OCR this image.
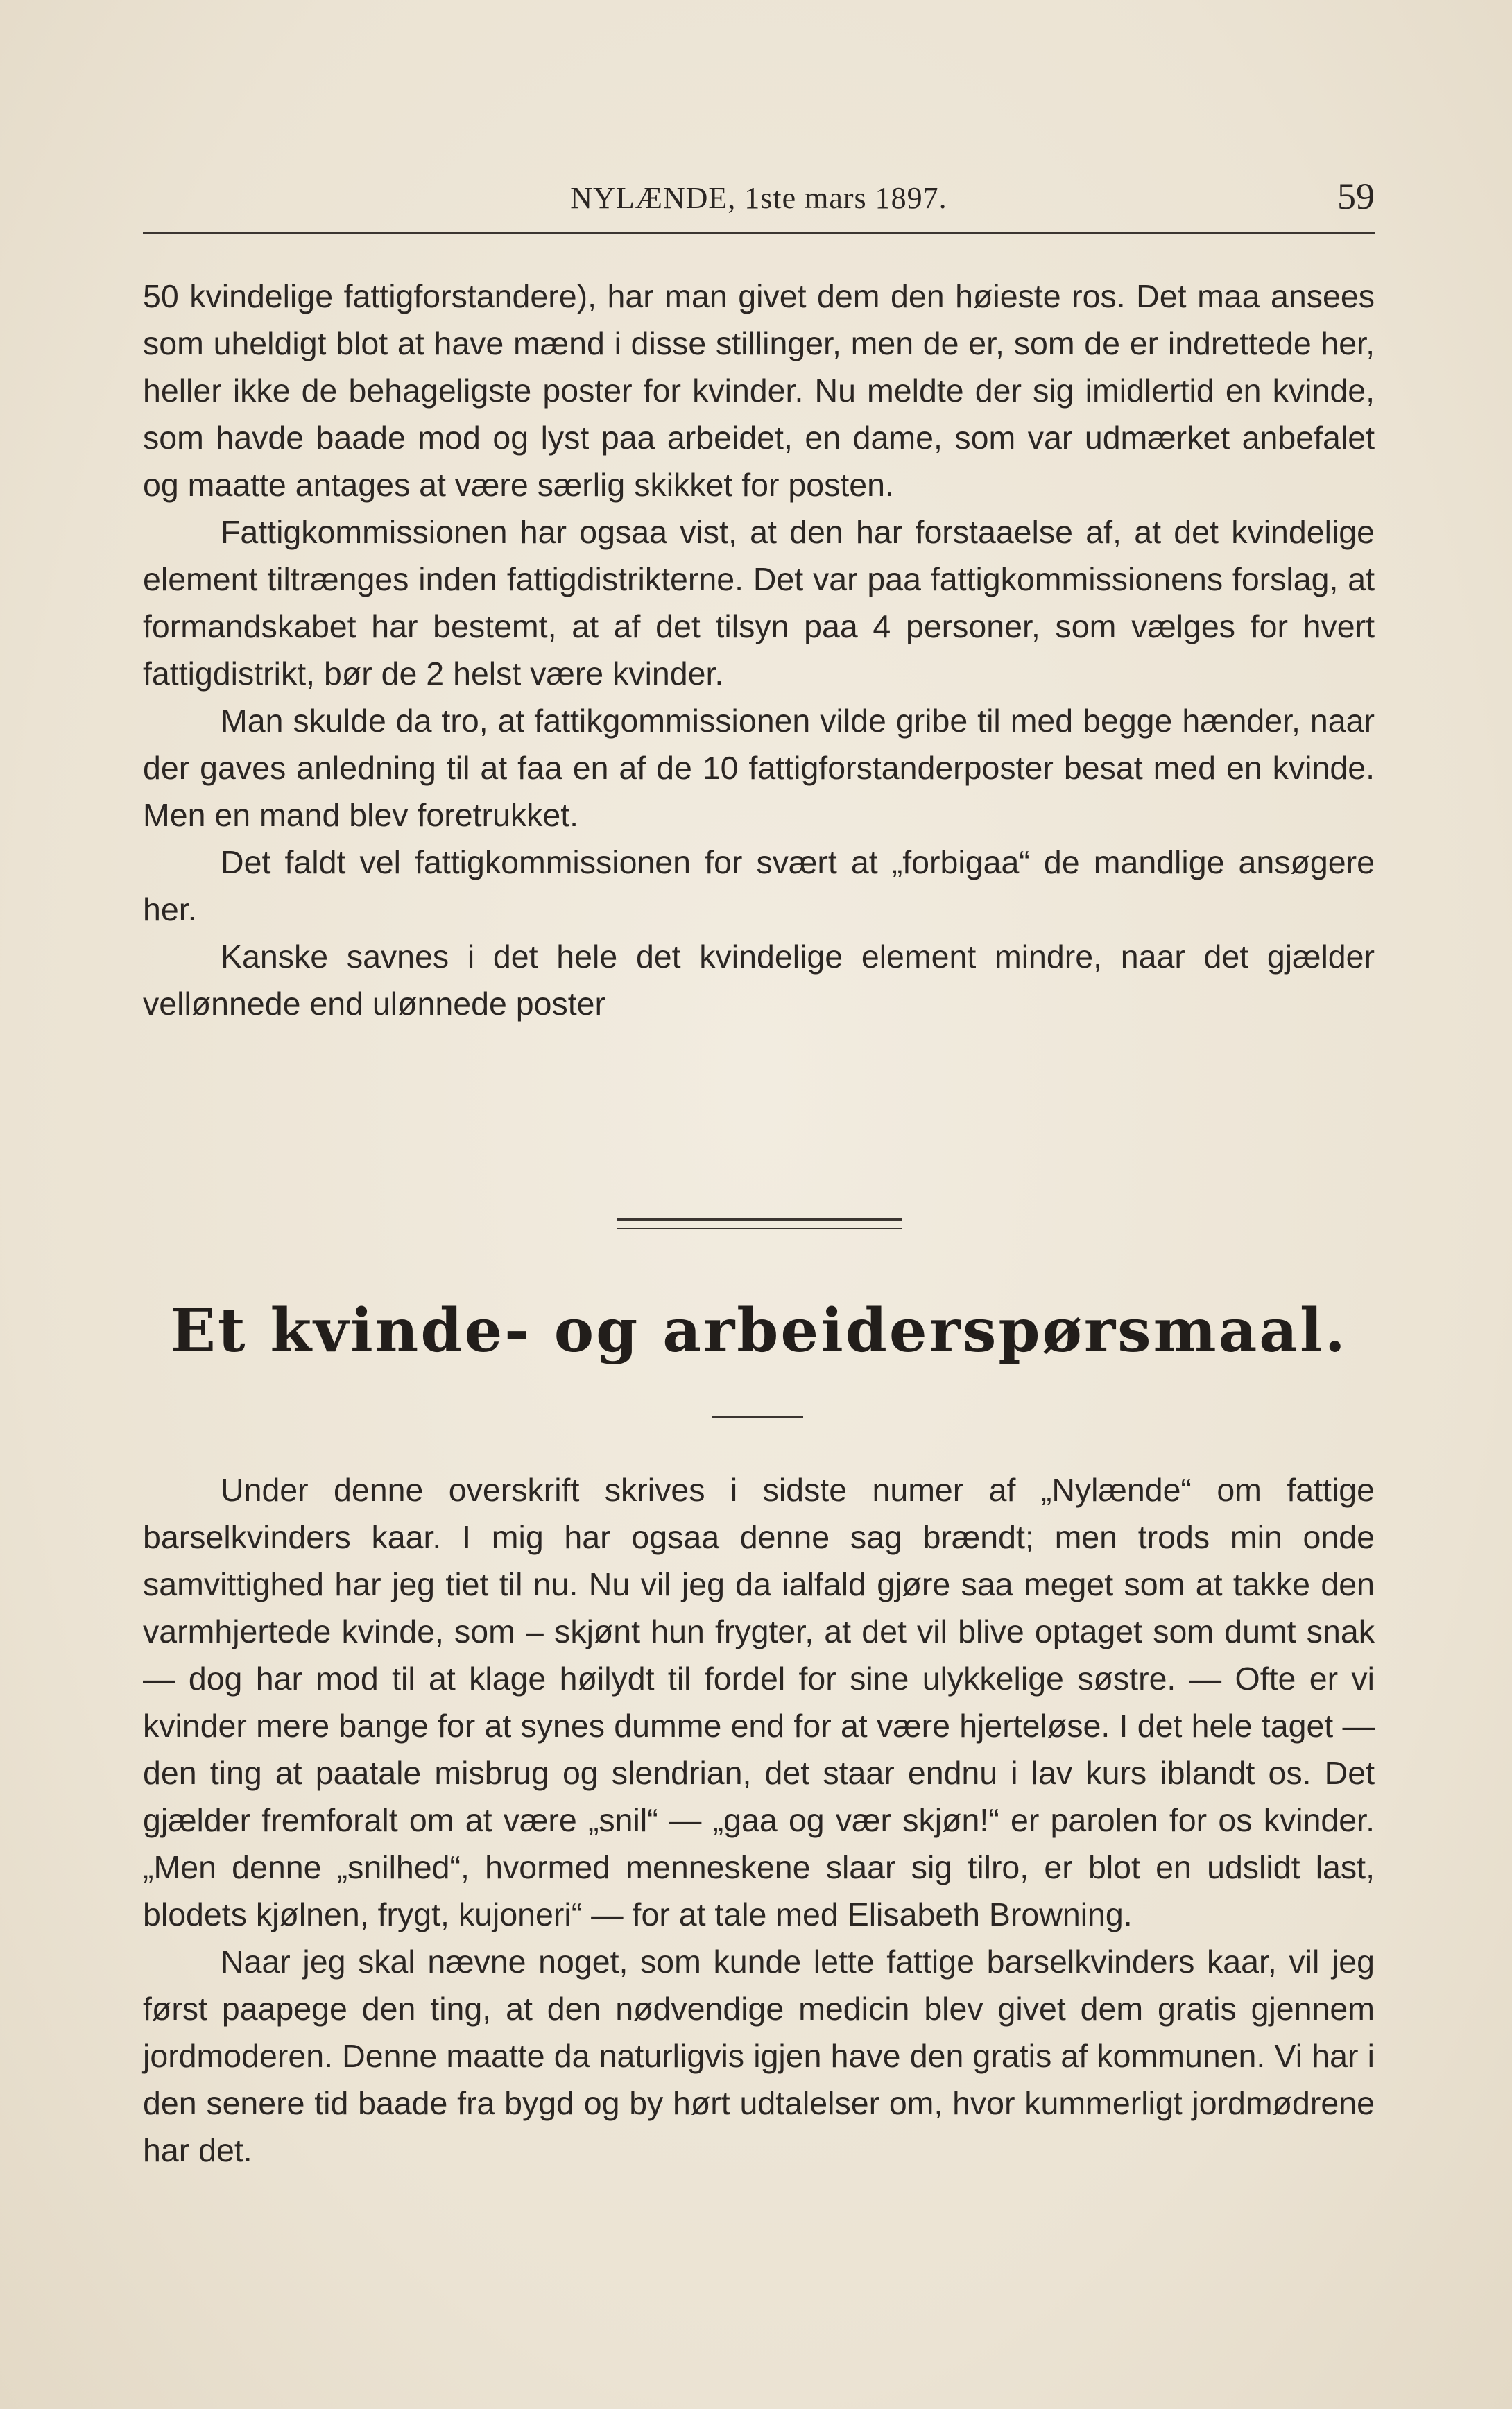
NYLÆNDE, 1ste mars 1897.	59

50 kvindelige fattigforstandere), har man givet dem den høieste ros. Det maa ansees som uheldigt blot at have mænd i disse stillinger, men de er, som de er indrettede her, heller ikke de behageligste poster for kvinder. Nu meldte der sig imidlertid en kvinde, som havde baade mod og lyst paa arbeidet, en dame, som var udmærket anbefalet og maatte antages at være særlig skikket for posten.

Fattigkommissionen har ogsaa vist, at den har forstaaelse af, at det kvindelige element tiltrænges inden fattigdistrikterne. Det var paa fattigkommissionens forslag, at formandskabet har bestemt, at af det tilsyn paa 4 personer, som vælges for hvert fattigdistrikt, bør de 2 helst være kvinder.

Man skulde da tro, at fattikgommissionen vilde gribe til med begge hænder, naar der gaves anledning til at faa en af de 10 fattigforstanderposter besat med en kvinde. Men en mand blev foretrukket.

Det faldt vel fattigkommissionen for svært at „forbigaa“ de mandlige ansøgere her.

Kanske savnes i det hele det kvindelige element mindre, naar det gjælder vellønnede end ulønnede poster

Et kvinde- og arbeiderspørsmaal.

Under denne overskrift skrives i sidste numer af „Nylænde“ om fattige barselkvinders kaar. I mig har ogsaa denne sag brændt; men trods min onde samvittighed har jeg tiet til nu. Nu vil jeg da ialfald gjøre saa meget som at takke den varmhjertede kvinde, som – skjønt hun frygter, at det vil blive optaget som dumt snak — dog har mod til at klage høilydt til fordel for sine ulykkelige søstre. — Ofte er vi kvinder mere bange for at synes dumme end for at være hjerteløse. I det hele taget — den ting at paatale misbrug og slendrian, det staar endnu i lav kurs iblandt os. Det gjælder fremforalt om at være „snil“ — „gaa og vær skjøn!“ er parolen for os kvinder. „Men denne „snilhed“, hvormed menneskene slaar sig tilro, er blot en udslidt last, blodets kjølnen, frygt, kujoneri“ — for at tale med Elisabeth Browning.

Naar jeg skal nævne noget, som kunde lette fattige barselkvinders kaar, vil jeg først paapege den ting, at den nødvendige medicin blev givet dem gratis gjennem jordmoderen. Denne maatte da naturligvis igjen have den gratis af kommunen. Vi har i den senere tid baade fra bygd og by hørt udtalelser om, hvor kummerligt jordmødrene har det.
